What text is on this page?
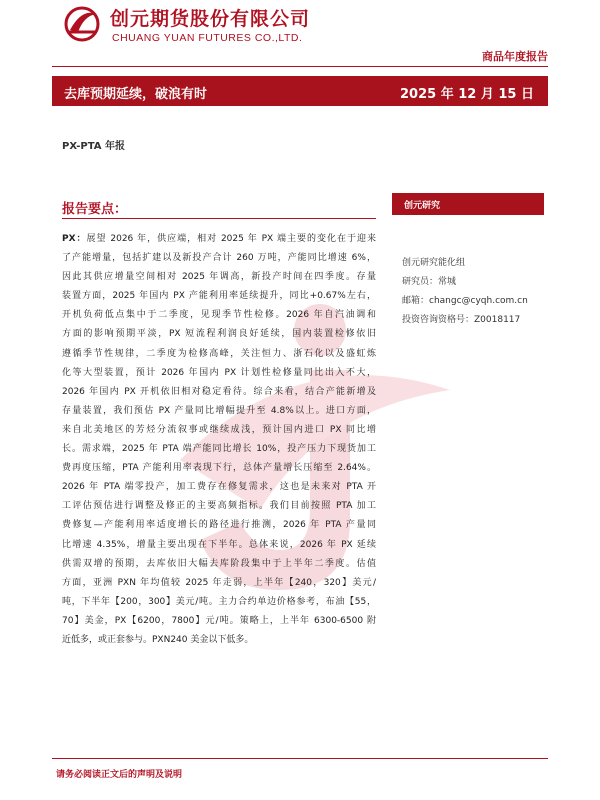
创元期货股份有限公司
CHUANG YUAN FUTURES CO.,LTD.
商品年度报告
去库预期延续，破浪有时	2025 年 12 月 15 日
PX-PTA 年报
报告要点：
PX：展望 2026 年，供应端，相对 2025 年 PX 端主要的变化在于迎来
了产能增量，包括扩建以及新投产合计 260 万吨，产能同比增速 6%，
因此其供应增量空间相对 2025 年调高，新投产时间在四季度。存量
装置方面，2025 年国内 PX 产能利用率延续提升，同比+0.67%左右，
开机负荷低点集中于二季度，见现季节性检修。2026 年自汽油调和
方面的影响预期平淡，PX 短流程利润良好延续，国内装置检修依旧
遵循季节性规律，二季度为检修高峰，关注恒力、浙石化以及盛虹炼
化等大型装置，预计 2026 年国内 PX 计划性检修量同比出入不大，
2026 年国内 PX 开机依旧相对稳定看待。综合来看，结合产能新增及
存量装置，我们预估 PX 产量同比增幅提升至 4.8%以上。进口方面，
来自北美地区的芳烃分流叙事或继续成浅，预计国内进口 PX 同比增
长。需求端，2025 年 PTA 端产能同比增长 10%，投产压力下现货加工
费再度压缩，PTA 产能利用率表现下行，总体产量增长压缩至 2.64%。
2026 年 PTA 端零投产，加工费存在修复需求，这也是未来对 PTA 开
工评估预估进行调整及修正的主要高频指标。我们目前按照 PTA 加工
费修复—产能利用率适度增长的路径进行推测，2026 年 PTA 产量同
比增速 4.35%，增量主要出现在下半年。总体来说，2026 年 PX 延续
供需双增的预期，去库依旧大幅去库阶段集中于上半年二季度。估值
方面，亚洲 PXN 年均值较 2025 年走弱，上半年【240，320】美元/
吨，下半年【200，300】美元/吨。主力合约单边价格参考，布油【55，
70】美金，PX【6200，7800】元/吨。策略上，上半年 6300-6500 附
近低多，或正套参与。PXN240 美金以下低多。
创元研究
创元研究能化组
研究员：常城
邮箱：changc@cyqh.com.cn
投资咨询资格号：Z0018117
请务必阅读正文后的声明及说明
